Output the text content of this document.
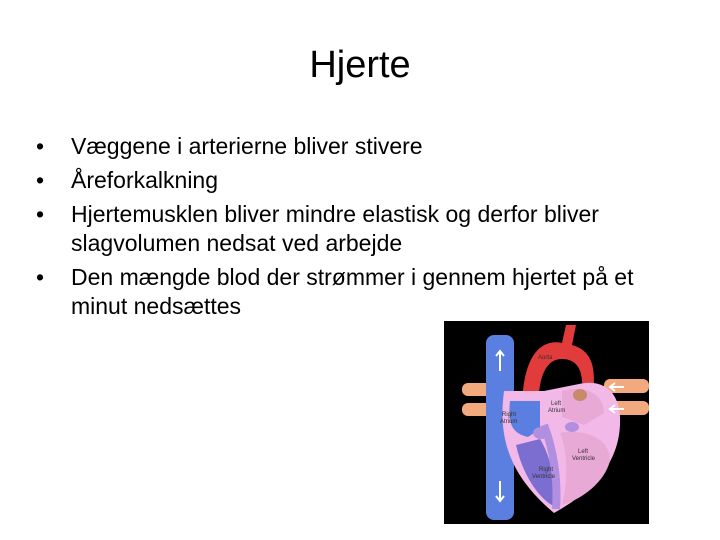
Hjerte
• Væggene i arterierne bliver stivere
• Åreforkalkning
• Hjertemusklen bliver mindre elastisk og derfor bliver slagvolumen nedsat ved arbejde
• Den mængde blod der strømmer i gennem hjertet på et minut nedsættes
Aorta
Left
Atrium
Right
Atrium
Left
Ventricle
Right
Ventricle
